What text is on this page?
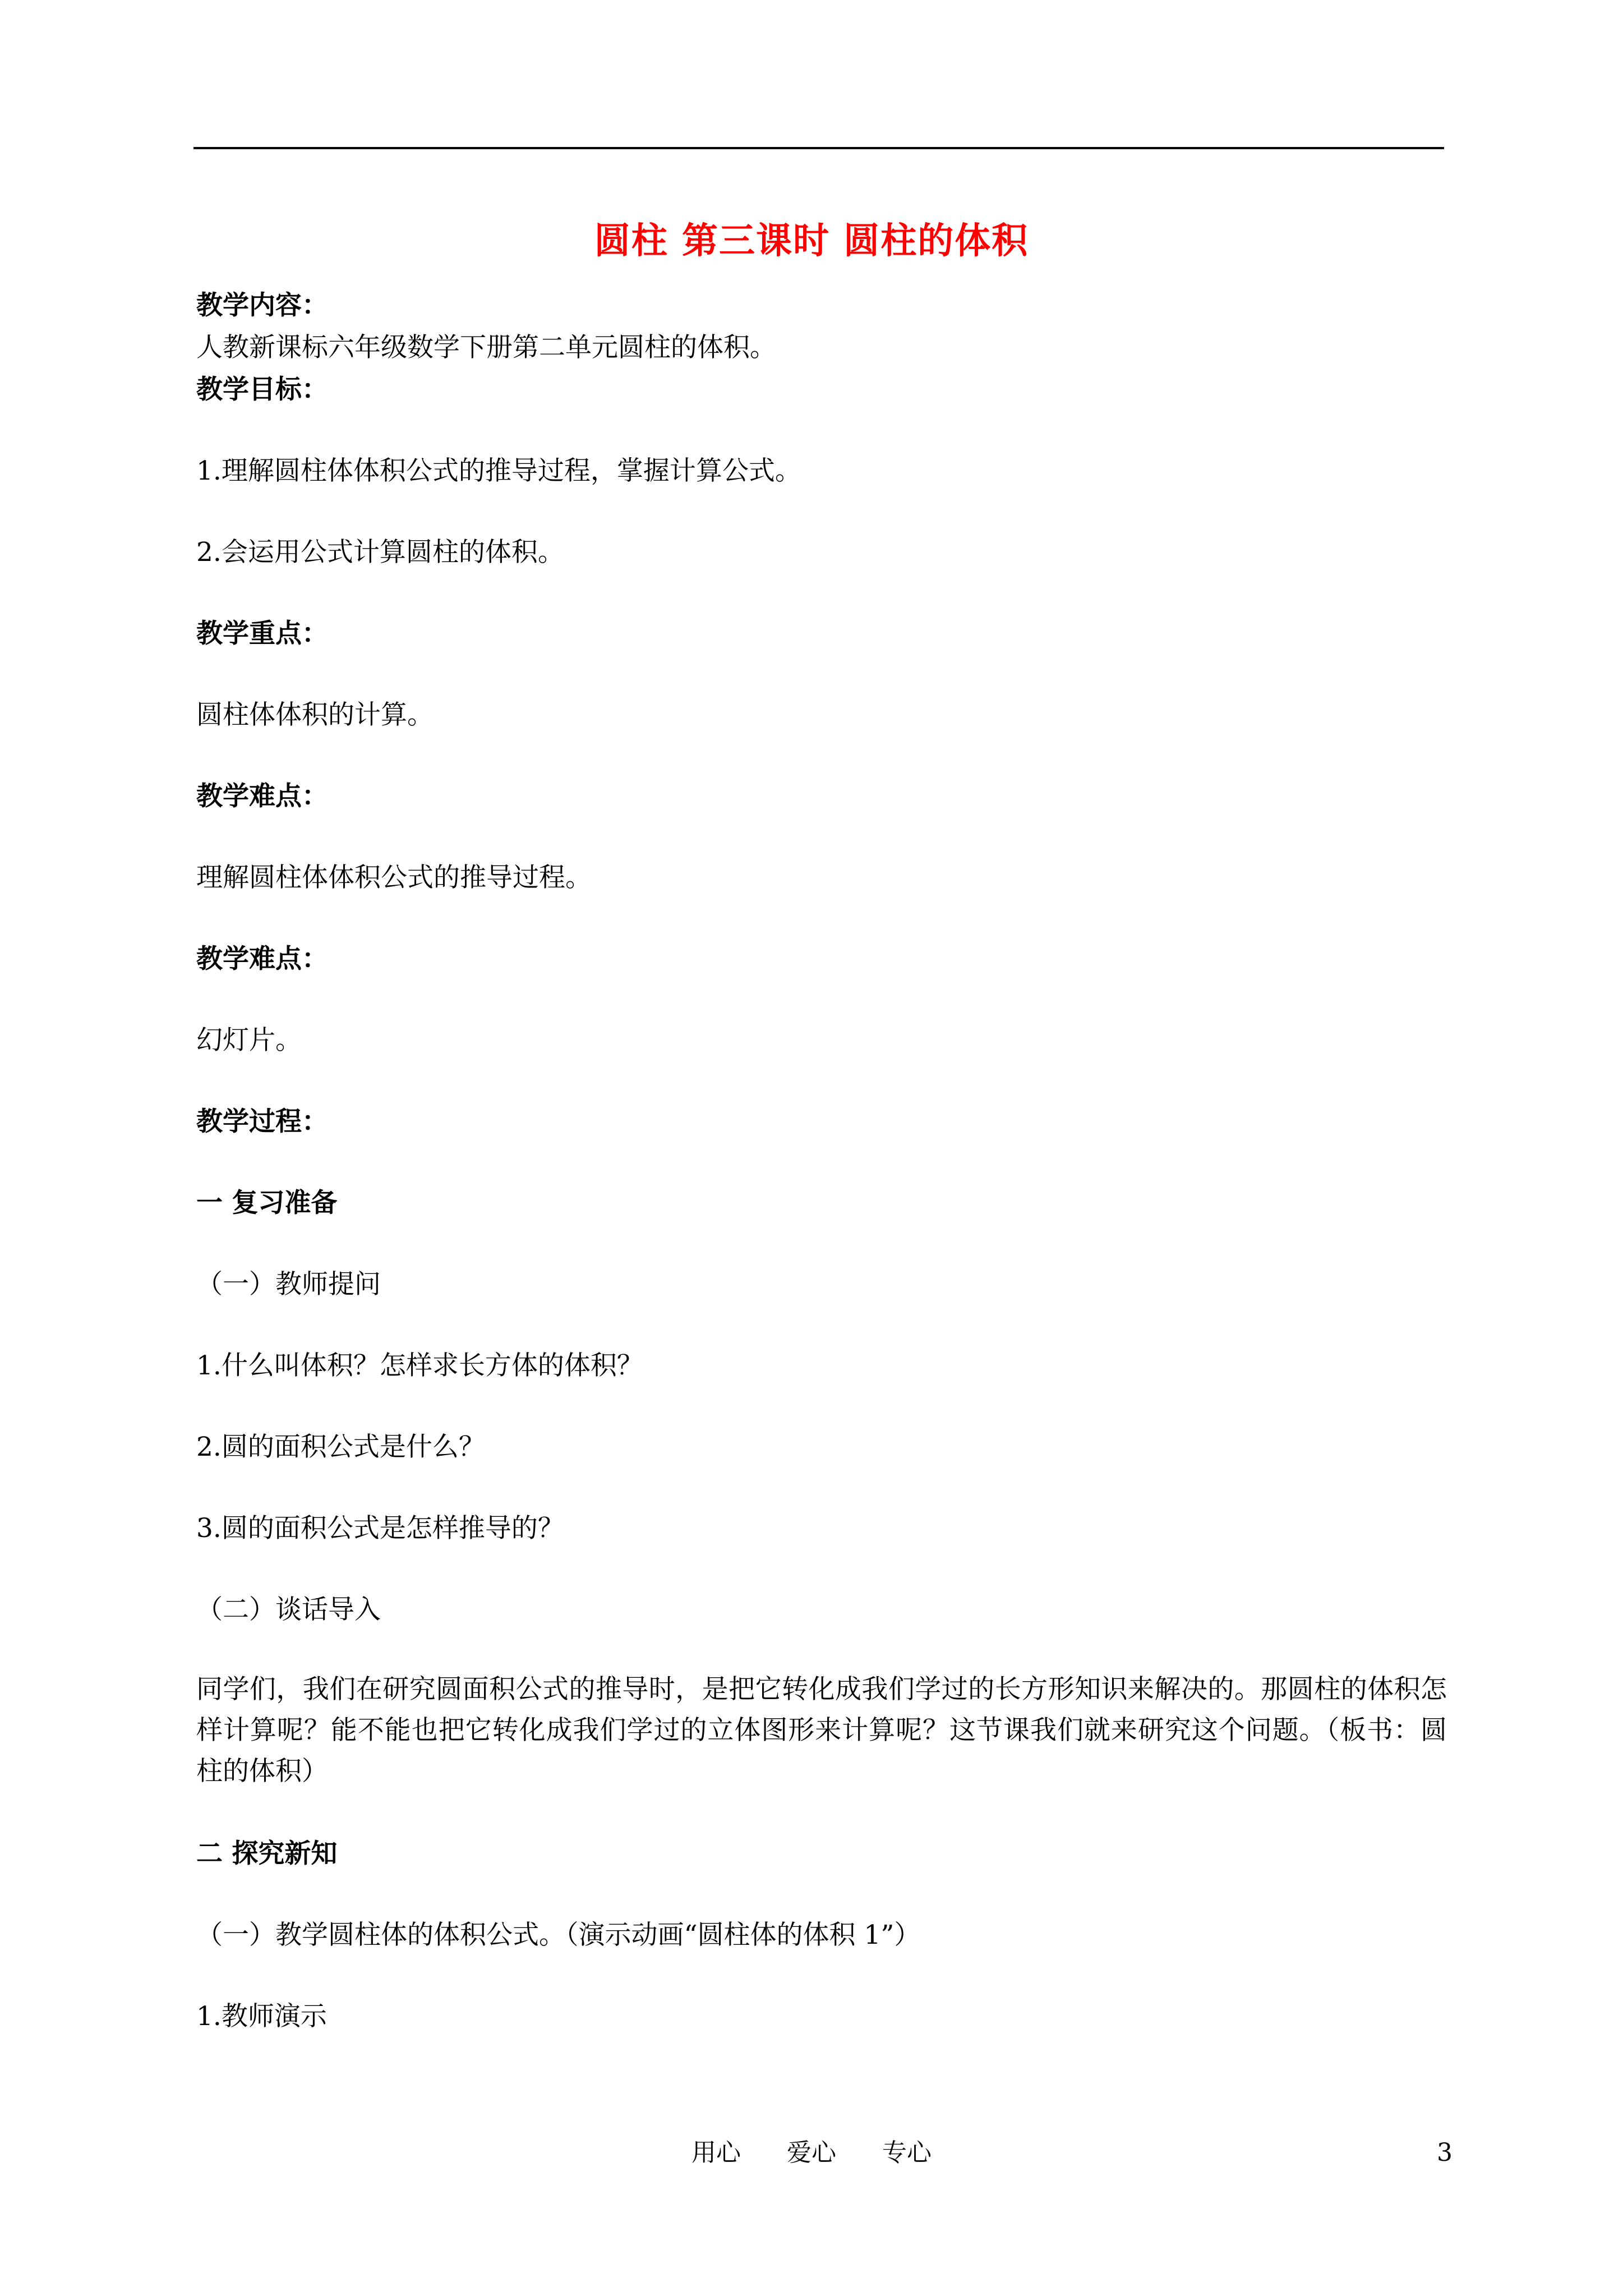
圆柱 第三课时 圆柱的体积
教学内容：
人教新课标六年级数学下册第二单元圆柱的体积。
教学目标：
1.理解圆柱体体积公式的推导过程，掌握计算公式。
2.会运用公式计算圆柱的体积。
教学重点：
圆柱体体积的计算。
教学难点：
理解圆柱体体积公式的推导过程。
教学难点：
幻灯片。
教学过程：
一 复习准备
（一）教师提问
1.什么叫体积？怎样求长方体的体积？
2.圆的面积公式是什么？
3.圆的面积公式是怎样推导的？
（二）谈话导入
同学们，我们在研究圆面积公式的推导时，是把它转化成我们学过的长方形知识来解决的。那圆柱的体积怎样计算呢？能不能也把它转化成我们学过的立体图形来计算呢？这节课我们就来研究这个问题。（板书：圆柱的体积）
二 探究新知
（一）教学圆柱体的体积公式。（演示动画“圆柱体的体积 1”）
1.教师演示
用心 爱心 专心	3
